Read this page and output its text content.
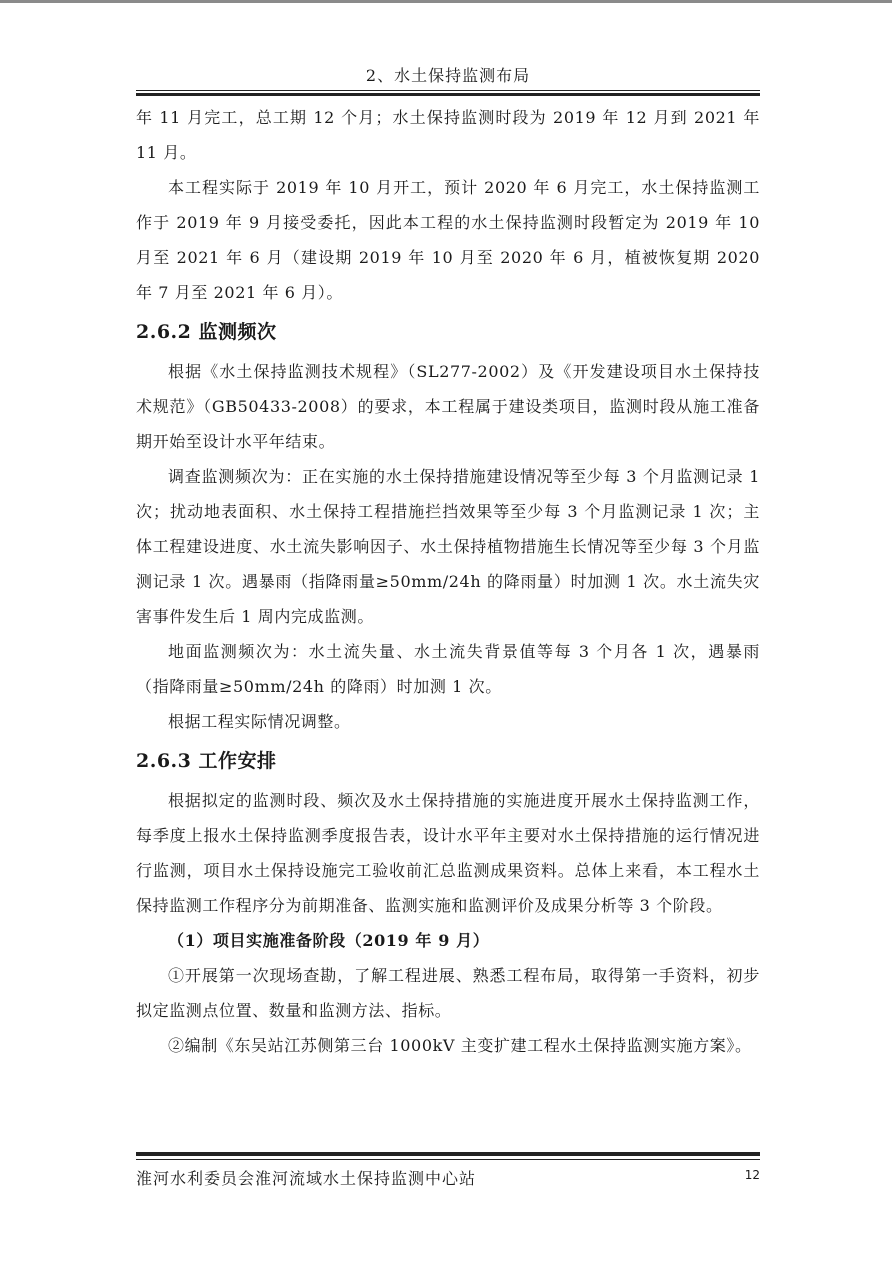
2、水土保持监测布局

年 11 月完工，总工期 12 个月；水土保持监测时段为 2019 年 12 月到 2021 年 11 月。

本工程实际于 2019 年 10 月开工，预计 2020 年 6 月完工，水土保持监测工作于 2019 年 9 月接受委托，因此本工程的水土保持监测时段暂定为 2019 年 10 月至 2021 年 6 月（建设期 2019 年 10 月至 2020 年 6 月，植被恢复期 2020 年 7 月至 2021 年 6 月）。

2.6.2 监测频次

根据《水土保持监测技术规程》（SL277-2002）及《开发建设项目水土保持技术规范》（GB50433-2008）的要求，本工程属于建设类项目，监测时段从施工准备期开始至设计水平年结束。

调查监测频次为：正在实施的水土保持措施建设情况等至少每 3 个月监测记录 1 次；扰动地表面积、水土保持工程措施拦挡效果等至少每 3 个月监测记录 1 次；主体工程建设进度、水土流失影响因子、水土保持植物措施生长情况等至少每 3 个月监测记录 1 次。遇暴雨（指降雨量≥50mm/24h 的降雨量）时加测 1 次。水土流失灾害事件发生后 1 周内完成监测。

地面监测频次为：水土流失量、水土流失背景值等每 3 个月各 1 次，遇暴雨（指降雨量≥50mm/24h 的降雨）时加测 1 次。

根据工程实际情况调整。

2.6.3 工作安排

根据拟定的监测时段、频次及水土保持措施的实施进度开展水土保持监测工作，每季度上报水土保持监测季度报告表，设计水平年主要对水土保持措施的运行情况进行监测，项目水土保持设施完工验收前汇总监测成果资料。总体上来看，本工程水土保持监测工作程序分为前期准备、监测实施和监测评价及成果分析等 3 个阶段。

（1）项目实施准备阶段（2019 年 9 月）

①开展第一次现场查勘，了解工程进展、熟悉工程布局，取得第一手资料，初步拟定监测点位置、数量和监测方法、指标。

②编制《东吴站江苏侧第三台 1000kV 主变扩建工程水土保持监测实施方案》。

淮河水利委员会淮河流域水土保持监测中心站	12
